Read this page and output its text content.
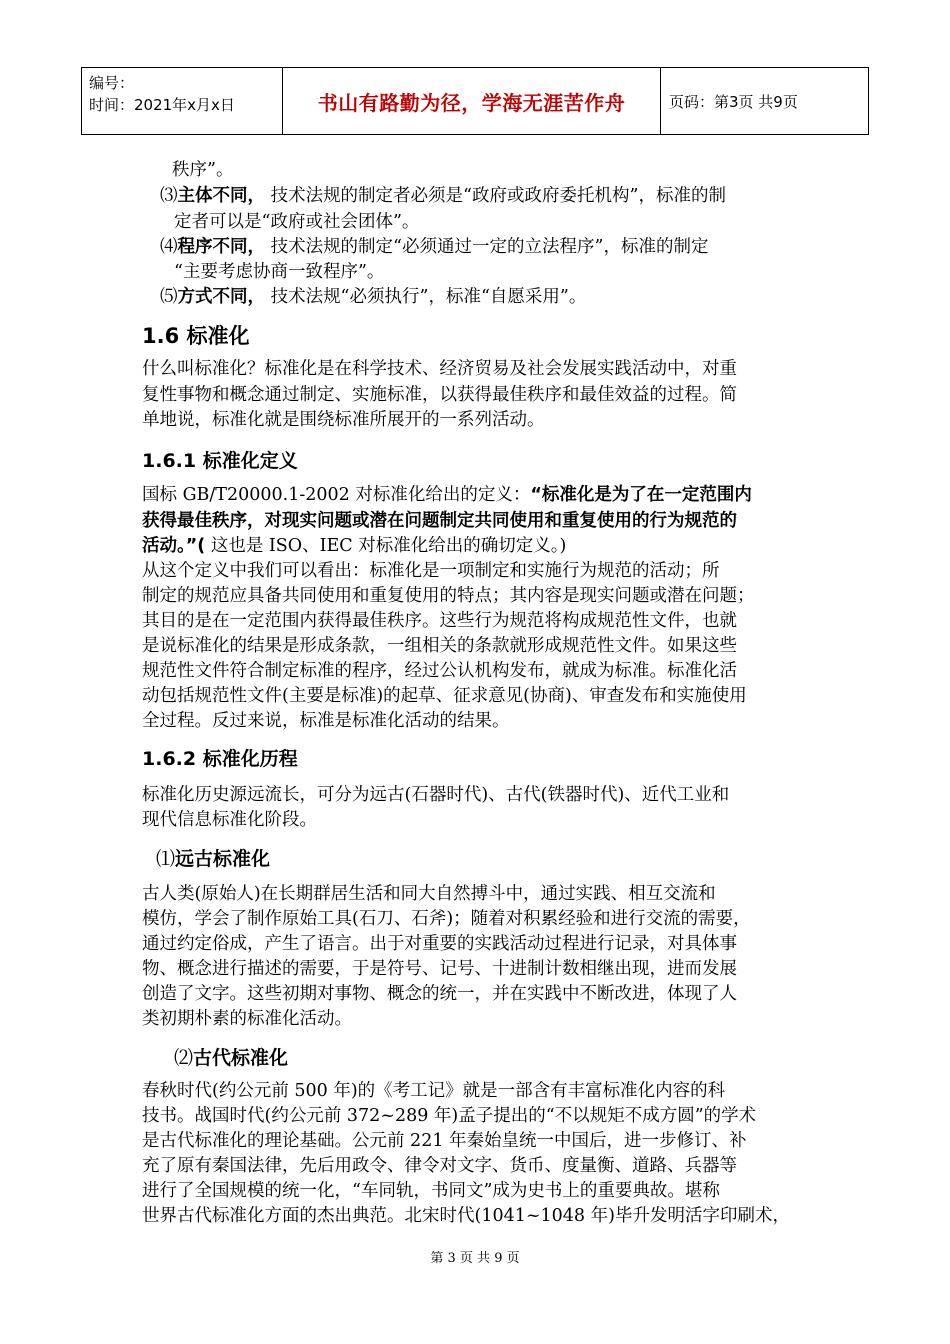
编号：
时间：2021年x月x日	书山有路勤为径，学海无涯苦作舟	页码：第3页 共9页
秩序”。
⑶主体不同， 技术法规的制定者必须是“政府或政府委托机构”，标准的制
定者可以是“政府或社会团体”。
⑷程序不同， 技术法规的制定“必须通过一定的立法程序”，标准的制定
“主要考虑协商一致程序”。
⑸方式不同， 技术法规“必须执行”，标准“自愿采用”。
1.6 标准化
什么叫标准化？标准化是在科学技术、经济贸易及社会发展实践活动中，对重
复性事物和概念通过制定、实施标准，以获得最佳秩序和最佳效益的过程。简
单地说，标准化就是围绕标准所展开的一系列活动。
1.6.1 标准化定义
国标 GB/T20000.1-2002 对标准化给出的定义：“标准化是为了在一定范围内
获得最佳秩序，对现实问题或潜在问题制定共同使用和重复使用的行为规范的
活动。”( 这也是 ISO、IEC 对标准化给出的确切定义。)
从这个定义中我们可以看出：标准化是一项制定和实施行为规范的活动；所
制定的规范应具备共同使用和重复使用的特点；其内容是现实问题或潜在问题；
其目的是在一定范围内获得最佳秩序。这些行为规范将构成规范性文件，也就
是说标准化的结果是形成条款，一组相关的条款就形成规范性文件。如果这些
规范性文件符合制定标准的程序，经过公认机构发布，就成为标准。标准化活
动包括规范性文件(主要是标准)的起草、征求意见(协商)、审查发布和实施使用
全过程。反过来说，标准是标准化活动的结果。
1.6.2 标准化历程
标准化历史源远流长，可分为远古(石器时代)、古代(铁器时代)、近代工业和
现代信息标准化阶段。
⑴远古标准化
古人类(原始人)在长期群居生活和同大自然搏斗中，通过实践、相互交流和
模仿，学会了制作原始工具(石刀、石斧)；随着对积累经验和进行交流的需要，
通过约定俗成，产生了语言。出于对重要的实践活动过程进行记录，对具体事
物、概念进行描述的需要，于是符号、记号、十进制计数相继出现，进而发展
创造了文字。这些初期对事物、概念的统一，并在实践中不断改进，体现了人
类初期朴素的标准化活动。
⑵古代标准化
春秋时代(约公元前 500 年)的《考工记》就是一部含有丰富标准化内容的科
技书。战国时代(约公元前 372~289 年)孟子提出的“不以规矩不成方圆”的学术
是古代标准化的理论基础。公元前 221 年秦始皇统一中国后，进一步修订、补
充了原有秦国法律，先后用政令、律令对文字、货币、度量衡、道路、兵器等
进行了全国规模的统一化，“车同轨，书同文”成为史书上的重要典故。堪称
世界古代标准化方面的杰出典范。北宋时代(1041~1048 年)毕升发明活字印刷术，
第 3 页 共 9 页
